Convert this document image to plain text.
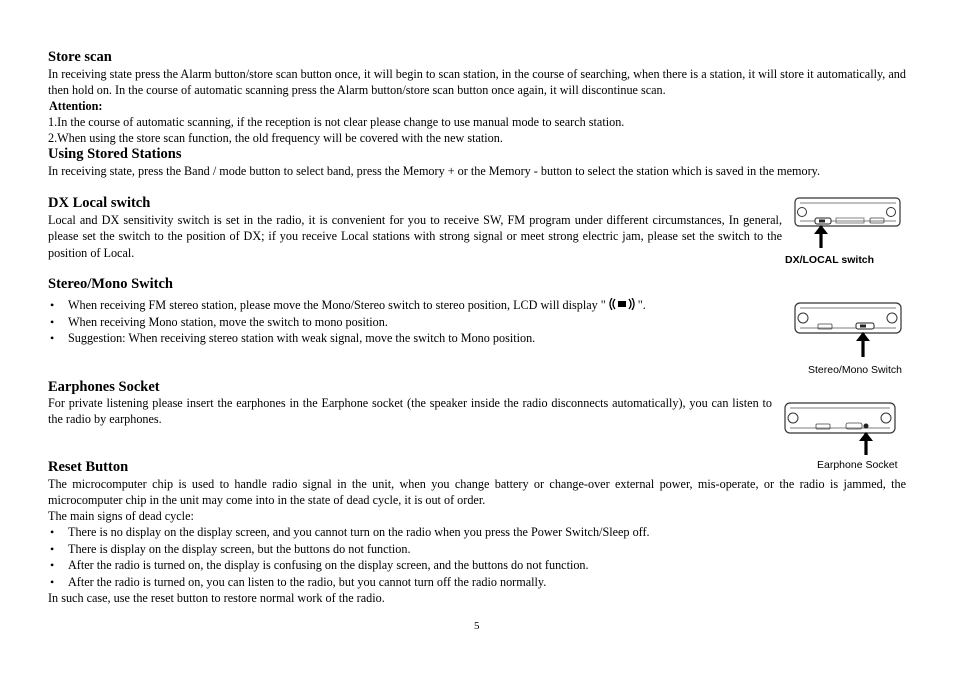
Store scan
In receiving state press the Alarm button/store scan button once, it will begin to scan station, in the course of searching, when there is a station, it will store it automatically, and then hold on. In the course of automatic scanning press the Alarm button/store scan button once again, it will discontinue scan.
Attention:
1.In the course of automatic scanning, if the reception is not clear please change to use manual mode to search station.
2.When using the store scan function, the old frequency will be covered with the new station.
Using Stored Stations
In receiving state, press the Band / mode button to select band, press the Memory + or the Memory - button to select the station which is saved in the memory.
DX Local switch
Local and DX sensitivity switch is set in the radio, it is convenient for you to receive SW, FM program under different circumstances, In general, please set the switch to the position of DX; if you receive Local stations with strong signal or meet strong electric jam, please set the switch to the position of Local.
DX/LOCAL switch
Stereo/Mono Switch
• When receiving FM stereo station, please move the Mono/Stereo switch to stereo position, LCD will display "	".
• When receiving Mono station, move the switch to mono position.
• Suggestion: When receiving stereo station with weak signal, move the switch to Mono position.
Stereo/Mono Switch
Earphones Socket
For private listening please insert the earphones in the Earphone socket (the speaker inside the radio disconnects automatically), you can listen to the radio by earphones.
Earphone Socket
Reset Button
The microcomputer chip is used to handle radio signal in the unit, when you change battery or change-over external power, mis-operate, or the radio is jammed, the microcomputer chip in the unit may come into in the state of dead cycle, it is out of order.
The main signs of dead cycle:
• There is no display on the display screen, and you cannot turn on the radio when you press the Power Switch/Sleep off.
• There is display on the display screen, but the buttons do not function.
• After the radio is turned on, the display is confusing on the display screen, and the buttons do not function.
• After the radio is turned on, you can listen to the radio, but you cannot turn off the radio normally.
In such case, use the reset button to restore normal work of the radio.
5
